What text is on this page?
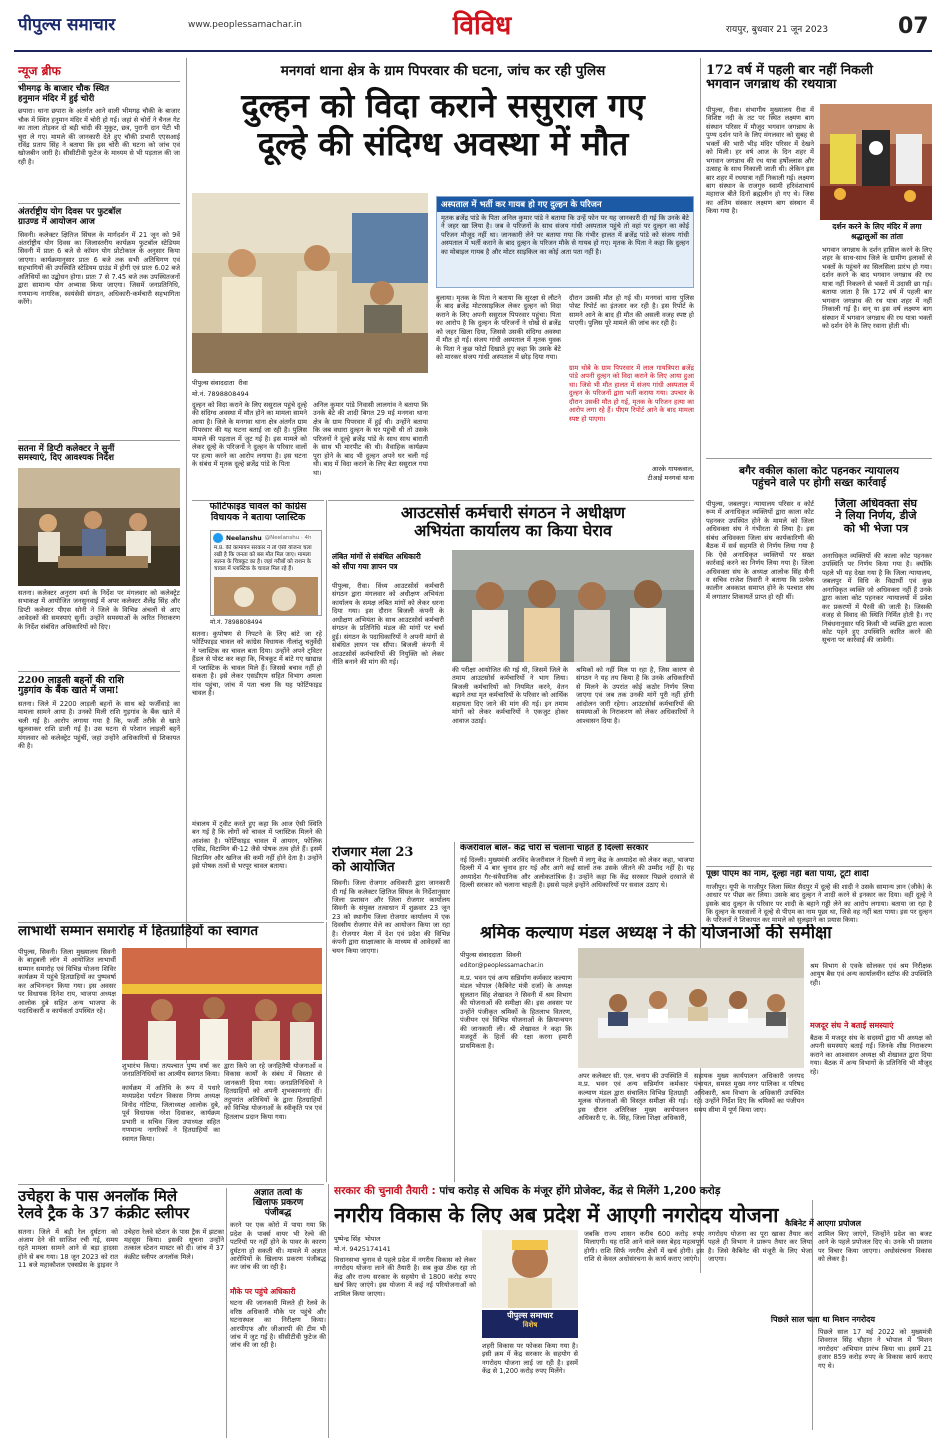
पीपुल्स समाचार	www.peoplessamachar.in	विविध	रायपुर, बुधवार 21 जून 2023	07
न्यूज ब्रीफ
भीमगढ़ के बाजार चौक स्थित
हनुमान मंदिर में हुई चोरी
छपारा। थाना छपारा के अंतर्गत आने वाली भीमगढ़ चौकी के बाजार चौक में स्थित हनुमान मंदिर में चोरी हो गई। जहां से चोरों ने चैनल गेट का ताला तोड़कर दो बड़ी चांदी की मुकुट, छत्र, पुरानी दान पेटी भी चुरा ले गए। मामले की जानकारी देते हुए चौकी प्रभारी एएसआई रविंद्र प्रताप सिंह ने बताया कि इस चोरी की घटना को जांच एवं खोजबीन जारी है। सीसीटीवी फुटेज के माध्यम से भी पड़ताल की जा रही है।
अंतर्राष्ट्रीय योग दिवस पर फुटबॉल
ग्राउण्ड में आयोजन आज
सिवनी। कलेक्टर क्षितिज सिंघल के मार्गदर्शन में 21 जून को 9वें अंतर्राष्ट्रीय योग दिवस का जिलास्तरीय कार्यक्रम फुटबॉल स्टेडियम सिवनी में प्रातः 6 बजे से कॉमन योग प्रोटोकाल के अनुसार किया जाएगा। कार्यक्रमानुसार प्रातः 6 बजे तक सभी अतिथिगण एवं सहभागियों की उपस्थिति स्टेडियम ग्राउंड में होगी एवं प्रातः 6.02 बजे अतिथियों का उद्बोधन होगा। प्रातः 7 से 7.45 बजे तक उपस्थितजनों द्वारा सामान्य योग अभ्यास किया जाएगा। जिसमें जनप्रतिनिधि, गणमान्य नागरिक, स्वयंसेवी संगठन, अधिकारी-कर्मचारी सहभागिता करेंगे।
सतना में डिप्टी कलेक्टर ने सुनीं
समस्याएं, दिए आवश्यक निर्देश
सतना। कलेक्टर अनुराग वर्मा के निर्देश पर मंगलवार को कलेक्ट्रेट सभाकक्ष में आयोजित जनसुनवाई में अपर कलेक्टर शैलेंद्र सिंह और डिप्टी कलेक्टर पीएस सोनी ने जिले के विभिन्न अंचलों से आए आवेदकों की समस्याएं सुनीं। उन्होंने समस्याओं के त्वरित निराकरण के निर्देश संबंधित अधिकारियों को दिए।
2200 लाड़ली बहनों की राशि
गुड़गांव के बैंक खाते में जमा!
सतना। जिले में 2200 लाड़ली बहनों के साथ बड़े फर्जीवाड़े का मामला सामने आया है। उनको मिली राशि गुड़गांव के बैंक खाते में चली गई है। आरोप लगाया गया है कि, फर्जी तरीके से खाते खुलवाकर राशि डाली गई है। उस घटना से परेशान लाड़ली बहनें मंगलवार को कलेक्ट्रेट पहुंचीं, जहां उन्होंने अधिकारियों से शिकायत की है।
मनगवां थाना क्षेत्र के ग्राम पिपरवार की घटना, जांच कर रही पुलिस
दुल्हन को विदा कराने ससुराल गए
दूल्हे की संदिग्ध अवस्था में मौत
पीपुल्स संवाददाता रीवा
मो.नं. 7898808494
अस्पताल में भर्ती कर गायब हो गए दुल्हन के परिजन
मृतक ब्रजेंद्र पांडे के पिता अनिल कुमार पांडे ने बताया कि उन्हें फोन पर यह जानकारी दी गई कि उनके बेटे ने जहर खा लिया है। जब वे परिजनों के साथ संजय गांधी अस्पताल पहुंचे तो वहां पर दुल्हन का कोई परिजन मौजूद नहीं था। जानकारी लेने पर बताया गया कि गंभीर हालत में ब्रजेंद्र पांडे को संजय गांधी अस्पताल में भर्ती कराने के बाद दुल्हन के परिजन मौके से गायब हो गए। मृतक के पिता ने कहा कि दुल्हन का मोबाइल गायब है और मोटर साइकिल का कोई अता पता नहीं है।
दुल्हन को विदा कराने के लिए ससुराल पहुंचे दूल्हे की संदिग्ध अवस्था में मौत होने का मामला सामने आया है। जिले के मनगवा थाना क्षेत्र अंतर्गत ग्राम पिपरवार की यह घटना बताई जा रही है। पुलिस मामले की पड़ताल में जुट गई है। इस मामले को लेकर दूल्हे के परिजनों ने दुल्हन के परिवार वालों पर हत्या करने का आरोप लगाया है। इस घटना के संबंध में मृतक दूल्हे ब्रजेंद्र पांडे के पिता
अनिल कुमार पांडे निवासी लालगांव ने बताया कि उनके बेटे की शादी बिगत 29 मई मनगवा थाना क्षेत्र के ग्राम पिपरवार में हुई थी। उन्होंने बताया कि जब वधारा दुल्हन के घर पहुंची थी तो उसके परिजनों ने दूल्हे ब्रजेंद्र पांडे के साथ साथ बाराती के साथ भी मारपीट की थी। वैवाहिक कार्यक्रम पूरा होने के बाद भी दुल्हन अपने घर चली गई थी। बाद में विदा कराने के लिए बेटा ससुराल गया था।
बुलाया। मृतक के पिता ने बताया कि सुरक्षा से लौटने के बाद ब्रजेंद्र मोटरसाइकिल लेकर दुल्हन को विदा कराने के लिए अपनी ससुराल पिपरवार पहुंचा। पिता का आरोप है कि दुल्हन के परिजनों ने धोखे से ब्रजेंद्र को जहर खिला दिया, जिससे उसकी संदिग्ध अवस्था में मौत हो गई। संजय गांधी अस्पताल में मृतक युवक के पिता ने कुछ फोटो दिखाते हुए कहा कि उसके बेटे को मारकर संजय गांधी अस्पताल में छोड़ दिया गया।
दौरान उसकी मौत हो गई थी। मनगवां थाना पुलिस पोस्ट रिपोर्ट का इंतजार कर रही है। इस रिपोर्ट के सामने आने के बाद ही मौत की असली वजह स्पष्ट हो पाएगी। पुलिस पूरे मामले की जांच कर रही है।
ग्राम थोबे के ग्राम पिपरवार में लाल गायत्रिपरा ब्रजेंद्र पांडे अपनी दुल्हन को विदा कराने के लिए आया हुआ था। जिसे भी मौत हालत में संजय गांधी अस्पताल में दुल्हन के परिजनों द्वारा भर्ती कराया गया। उपचार के दौरान उसकी मौत हो गई, मृतक के परिजन हत्या का आरोप लगा रहे हैं। पीएम रिपोर्ट आने के बाद मामला स्पष्ट हो पाएगा।
आरके गायकवाल,
टीआई मनगवां थाना
172 वर्ष में पहली बार नहीं निकली
भगवान जगन्नाथ की रथयात्रा
पीपुल्स, रीवा। संभागीय मुख्यालय रीवा में विशिष्ट नदी के तट पर स्थित लक्ष्मण बाग संस्थान परिसर में मौजूद भगवान जगन्नाथ के पुण्य दर्शन पाने के लिए मंगलवार को सुबह से भक्तों की भारी भीड़ मंदिर परिसर में देखने को मिली। हर वर्ष आज के दिन शहर में भगवान जगन्नाथ की रथ यात्रा हर्षोल्लास और उत्साह के साथ निकाली जाती थी। लेकिन इस बार शहर में रथयात्रा नहीं निकाली गई। लक्ष्मण बाग संस्थान के राजगुरु स्वामी हरिवंशाचार्य महाराज बीते दिनों ब्रह्मलीन हो गए थे। जिस का अंतिम संस्कार लक्ष्मण बाग संस्थान में किया गया है।
दर्शन करने के लिए मंदिर में लगा श्रद्धालुओं का तांता
भगवान जगन्नाथ के दर्शन हासिल करने के लिए शहर के साथ-साथ जिले के ग्रामीण इलाकों से भक्तों के पहुंचने का सिलसिला प्रारंभ हो गया। दर्शन करने के बाद भगवान जगन्नाथ की रथ यात्रा नहीं निकलने से भक्तों में उदासी छा गई। बताया जाता है कि 172 वर्ष में पहली बार भगवान जगन्नाथ की रथ यात्रा शहर में नहीं निकाली गई है। सन्‌ या इस वर्ष लक्ष्मण बाग संस्थान में भगवान जगन्नाथ की रथ यात्रा भक्तों को दर्शन देने के लिए रवाना होती थी।
बगैर वकील काला कोट पहनकर न्यायालय
पहुंचने वाले पर होगी सख्त कार्रवाई
पीपुल्स, जबलपुर। न्यायालय परिसर व कोर्ट रूम में अनाधिकृत व्यक्तियों द्वारा काला कोट पहनकर उपस्थित होने के मामले को जिला अधिवक्ता संघ ने गंभीरता से लिया है। इस संबंध अधिवक्ता जिला संघ कार्यकारिणी की बैठक में सर्व सहमति से निर्णय लिया गया है कि ऐसे अनाधिकृत व्यक्तियों पर सख्त कार्रवाई करने का निर्णय लिया गया है। जिला अधिवक्ता संघ के अध्यक्ष आलोक सिंह सैनी व सचिव राजेश तिवारी ने बताया कि प्रत्येक कालीन अवकाश समाप्त होने के पश्चात संघ में लगातार शिकायतें प्राप्त हो रही थीं।
जिला अधिवक्ता संघ
ने लिया निर्णय, डीजे
को भी भेजा पत्र
अनाधिकृत व्यक्तियों की काला कोट पहनकर उपस्थिति पर निर्णय किया गया है। क्योंकि पहले भी यह देखा गया है कि जिला न्यायालय, जबलपुर में विधि के विद्यार्थी एवं कुछ अनाधिकृत व्यक्ति जो अधिवक्ता नहीं हैं उनके द्वारा काला कोट पहनकर न्यायालयों में प्रवेश कर प्रकरणों में पैरवी की जाती है। जिसकी वजह से विवाद की स्थिति निर्मित होती है। नए निबंधनानुसार यदि किसी भी व्यक्ति द्वारा काला कोट पहने हुए उपस्थिति कारित करने की सूचना पर कार्रवाई की जावेगी।
पूछा पीएम का नाम, दूल्हा नहीं बता पाया, टूटी शादी
गाजीपुर। यूपी के गाजीपुर जिला स्थित सैदपुर में दूल्हे की शादी ने उसके सामान्य ज्ञान (जीके) के आधार पर पीछा कर लिया। उसके बाद दुल्हन ने शादी करने से इनकार कर दिया। वहीं दूल्हे ने इसके बाद दुल्हन के परिवार पर शादी के बहाने गड्डी लेने का आरोप लगाया। बताया जा रहा है कि दुल्हन के घरवालों ने दूल्हे से पीएम का नाम पूछा था, जिसे वह नहीं बता पाया। इस पर दुल्हन के परिजनों ने शिकायत कर मामले को सुलझाने का प्रयास किया।
फोर्टिफाइड चावल को कांग्रेस
विधायक ने बताया प्लास्टिक
Neelanshu @Neelanshu · 4h
म.प्र. की कामायन सरकार ने तो ऐसी योजना चला रखी है कि जनता को बस मौत मिल जाए। मामला सतना के चित्रकूट का है। जहां गरीबों को राशन के चावल में प्लास्टिक के चावल मिल रहे हैं।
मो.नं. 7898808494
सतना। कुपोषण से निपटने के लिए बांटे जा रहे फोर्टिफाइड चावल को कांग्रेस विधायक नीलांशु चतुर्वेदी ने प्लास्टिक का चावल बता दिया। उन्होंने अपने ट्विटर हैंडल से पोस्ट कर कहा कि, चित्रकूट में बांटे गए खाद्यान्न में प्लास्टिक के चावल मिले हैं। जिससे बचाव नहीं हो सकता है। इसे लेकर एसडीएम सहित विभाग अमला गांव पहुंचा, जांच में पता चला कि यह फोर्टिफाइड चावल है।
मंत्रालय में ट्वीट करते हुए कहा कि आज ऐसी स्थिति बन गई है कि लोगों को चावल में प्लास्टिक मिलने की आशंका है। फोर्टिफाइड चावल में आयरन, फोलिक एसिड, विटामिन बी-12 जैसे पोषक तत्व होते हैं। इसमें विटामिन और खनिज की कमी नहीं होने देता है। उन्होंने इसे पोषक तत्वों से भरपूर चावल बताया।
आउटसोर्स कर्मचारी संगठन ने अधीक्षण
अभियंता कार्यालय का किया घेराव
लंबित मांगों से संबंधित अधिकारी
को सौंपा गया ज्ञापन पत्र
पीपुल्स, रीवा। विंध्य आउटसोर्स कर्मचारी संगठन द्वारा मंगलवार को अधीक्षण अभियंता कार्यालय के समक्ष लंबित मांगों को लेकर धरना दिया गया। इस दौरान बिजली कंपनी के अधीक्षण अभियंता के साथ आउटसोर्स कर्मचारी संगठन के प्रतिनिधि मंडल की मांगों पर चर्चा हुई। संगठन के पदाधिकारियों ने अपनी मांगों से संबंधित ज्ञापन पत्र सौंपा। बिजली कंपनी में आउटसोर्स कर्मचारियों की नियुक्ति को लेकर नीति बनाने की मांग की गई।
की परीक्षा आयोजित की गई थी, जिसमें जिले के तमाम आउटसोर्स कर्मचारियों ने भाग लिया। बिजली कर्मचारियों को नियमित करने, वेतन बढ़ाने तथा मृत कर्मचारियों के परिवार को आर्थिक सहायता दिए जाने की मांग की गई। इन तमाम मांगों को लेकर कर्मचारियों ने एकजुट होकर आवाज उठाई।
श्रमिकों को नहीं मिल पा रहा है, जिस कारण से संगठन ने यह तय किया है कि उनके अधिकारियों से मिलने के उपरांत कोई कठोर निर्णय लिया जाएगा एवं जब तक उनकी मांगें पूरी नहीं होंगी आंदोलन जारी रहेगा। आउटसोर्स कर्मचारियों की समस्याओं के निराकरण को लेकर अधिकारियों ने आश्वासन दिया है।
केजरीवाल बोले- केंद्र चोरी से चलाना चाहते हैं दिल्ली सरकार
नई दिल्ली। मुख्यमंत्री अरविंद केजरीवाल ने दिल्ली में लागू केंद्र के अध्यादेश को लेकर कहा, भाजपा दिल्ली में 4 बार चुनाव हार गई और आगे कई सालों तक उसके जीतने की उम्मीद नहीं है। यह अध्यादेश गैर-संवैधानिक और अलोकतांत्रिक है। उन्होंने कहा कि केंद्र सरकार पिछले दरवाजे से दिल्ली सरकार को चलाना चाहती है। इससे पहले इन्होंने अधिकारियों पर सवाल उठाए थे।
रोजगार मेला 23
को आयोजित
सिवनी। जिला रोजगार अधिकारी द्वारा जानकारी दी गई कि कलेक्टर क्षितिज सिंघल के निर्देशानुसार जिला प्रशासन और जिला रोजगार कार्यालय सिवनी के संयुक्त तत्वाधान में शुक्रवार 23 जून 23 को स्थानीय जिला रोजगार कार्यालय में एक दिवसीय रोजगार मेले का आयोजन किया जा रहा है। रोजगार मेला में देश एवं प्रदेश की विभिन्न कंपनी द्वारा साक्षात्कार के माध्यम से आवेदकों का चयन किया जाएगा।
लाभार्थी सम्मान समारोह में हितग्राहियों का स्वागत
पीपुल्स, सिवनी। जिला मुख्यालय सिवनी के बाहुबली लॉन में आयोजित लाभार्थी सम्मान समारोह एवं विभिन्न योजना शिविर कार्यक्रम में पहुंचे हितग्राहियों का पुष्पवर्षा कर अभिनन्दन किया गया। इस अवसर पर विधायक दिनेश राय, भाजपा अध्यक्ष आलोक दुबे सहित अन्य भाजपा के पदाधिकारी व कार्यकर्ता उपस्थित रहे।
शुभारंभ किया। तत्पश्चात पुष्प वर्षा कर जनप्रतिनिधियों का आत्मीय स्वागत किया।
कार्यक्रम में अतिथि के रूप में पधारे मध्यप्रदेश पर्यटन विकास निगम अध्यक्ष विनोद गोटिया, जिलाध्यक्ष आलोक दुबे, पूर्व विधायक नरेश दिवाकर, कार्यक्रम प्रभारी व सचिव जिला उपाध्यक्ष सहित गणमान्य नागरिकों ने हितग्राहियों का स्वागत किया।
द्वारा किये जा रहे जनहितैषी योजनाओं व विकास कार्यों के संबंध में विस्तार से जानकारी दिया गया। जनप्रतिनिधियों ने हितग्राहियों को अपनी शुभकामनाएं दीं। तदुपरांत अतिथियों के द्वारा हितग्राहियों को विभिन्न योजनाओं के स्वीकृति पत्र एवं हितलाभ प्रदान किया गया।
श्रमिक कल्याण मंडल अध्यक्ष ने की योजनाओं की समीक्षा
पीपुल्स संवाददाता सिवनी
editor@peoplessamachar.in
म.प्र. भवन एवं अन्य सन्निर्माण कर्मकार कल्याण मंडल भोपाल (कैबिनेट मंत्री दर्जा) के अध्यक्ष सुलतान सिंह शेखावत ने सिवनी में श्रम विभाग की योजनाओं की समीक्षा की। इस अवसर पर उन्होंने पंजीकृत श्रमिकों के हितलाभ वितरण, पंजीयन एवं विभिन्न योजनाओं के क्रियान्वयन की जानकारी ली। श्री शेखावत ने कहा कि मजदूरों के हितों की रक्षा करना हमारी प्राथमिकता है।
अपर कलेक्टर सी. एल. चनाप की उपस्थिति में म.प्र. भवन एवं अन्य सन्निर्माण कर्मकार कल्याण मंडल द्वारा संचालित विभिन्न हितग्राही मूलक योजनाओं की विस्तृत समीक्षा की गई। इस दौरान अतिरिक्त मुख्य कार्यपालन अधिकारी ए. के. सिंह, जिला शिक्षा अधिकारी,
सहायक मुख्य कार्यपालन अधिकारी जनपद पंचायत, समस्त मुख्य नगर पालिका व परिषद अधिकारी, श्रम विभाग के अधिकारी उपस्थित रहे। उन्होंने निर्देश दिए कि श्रमिकों का पंजीयन समय सीमा में पूर्ण किया जाए।
श्रम विभाग से एवके सोलकर एवं श्रम निरीक्षक आयुष बैस एवं अन्य कार्यालयीन स्टॉफ की उपस्थिति रही।
मजदूर संघ ने बताई समस्याएं
बैठक में मजदूर संघ के सदस्यों द्वारा भी अध्यक्ष को अपनी समस्याएं बताई गईं। जिनके शीघ्र निराकरण कराने का आश्वासन अध्यक्ष श्री शेखावत द्वारा दिया गया। बैठक में अन्य विभागों के प्रतिनिधि भी मौजूद रहे।
उचेहरा के पास अनलॉक मिले
रेलवे ट्रैक के 37 कंक्रीट स्लीपर
सतना। जिले में बड़ी रेल दुर्घटना को अंजाम देने की साजिश रची गई, समय रहते मामला सामने आने से बड़ा हादसा होने से बच गया। 18 जून 2023 को रात 11 बजे महाकौशल एक्सप्रेस के ड्राइवर ने उचेहरा रेलवे स्टेशन के पास ट्रैक में झटका महसूस किया। इसकी सूचना उन्होंने तत्काल स्टेशन मास्टर को दी। जांच में 37 कंक्रीट स्लीपर अनलॉक मिले।
अज्ञात तत्वों के
खिलाफ प्रकरण
पंजीबद्ध
करने पर एक कोरो में पाया गया कि प्रदेश के पार्क्स वायर भी रेल्वे की पटरियों पर नहीं होने के पावर के कारण दुर्घटना हो सकती थी। मामले में अज्ञात आरोपियों के खिलाफ प्रकरण पंजीबद्ध कर जांच की जा रही है।
मौके पर पहुंचे अधिकारी
घटना की जानकारी मिलते ही रेलवे के वरिष्ठ अधिकारी मौके पर पहुंचे और घटनास्थल का निरीक्षण किया। आरपीएफ और जीआरपी की टीम भी जांच में जुट गई है। सीसीटीवी फुटेज की जांच की जा रही है।
सरकार की चुनावी तैयारी : पांच करोड़ से अधिक के मंजूर होंगे प्रोजेक्ट, केंद्र से मिलेंगे 1,200 करोड़
नगरीय विकास के लिए अब प्रदेश में आएगी नगरोदय योजना
पुष्पेन्द्र सिंह भोपाल
मो.नं. 9425174141
पीपुल्स समाचार
विशेष
विधानसभा चुनाव से पहले प्रदेश में नगरीय विकास को लेकर नगरोदय योजना लाने की तैयारी है। सब कुछ ठीक रहा तो केंद्र और राज्य सरकार के सहयोग से 1800 करोड़ रुपए खर्च किए जाएंगे। इस योजना में कई नई परियोजनाओं को शामिल किया जाएगा।
शहरी विकास पर फोकस किया गया है। इसी क्रम में केंद्र सरकार के सहयोग से नगरोदय योजना लाई जा रही है। इसमें केंद्र से 1,200 करोड़ रुपए मिलेंगे।
जबकि राज्य शासन करीब 600 करोड़ रुपए मिलाएगी। यह राशि आने वाले वक्त बेहद महत्वपूर्ण होगी। राशि सिर्फ नगरीय क्षेत्रों में खर्च होगी। इस राशि से केवल अधोसंरचना के कार्य कराए जाएंगे।
नगरोदय योजना का पूरा खाका तैयार कर पहले ही विभाग ने प्रारूप तैयार कर लिया है। जिसे कैबिनेट की मंजूरी के लिए भेजा जाएगा।
कैबिनेट में आएगा प्रपोजल
शामिल किए जाएंगे, जिन्होंने प्रदेश का बजट आने के पहले प्रपोजल दिए थे। उनके भी प्रस्ताव पर विचार किया जाएगा। अधोसंरचना विकास को लेकर है।
पिछले साल चला था मिशन नगरोदय
पिछले साल 17 मई 2022 को मुख्यमंत्री शिवराज सिंह चौहान ने भोपाल में 'मिशन नगरोदय' अभियान प्रारंभ किया था। इसमें 21 हजार 859 करोड़ रुपए के विकास कार्य कराए गए थे।
